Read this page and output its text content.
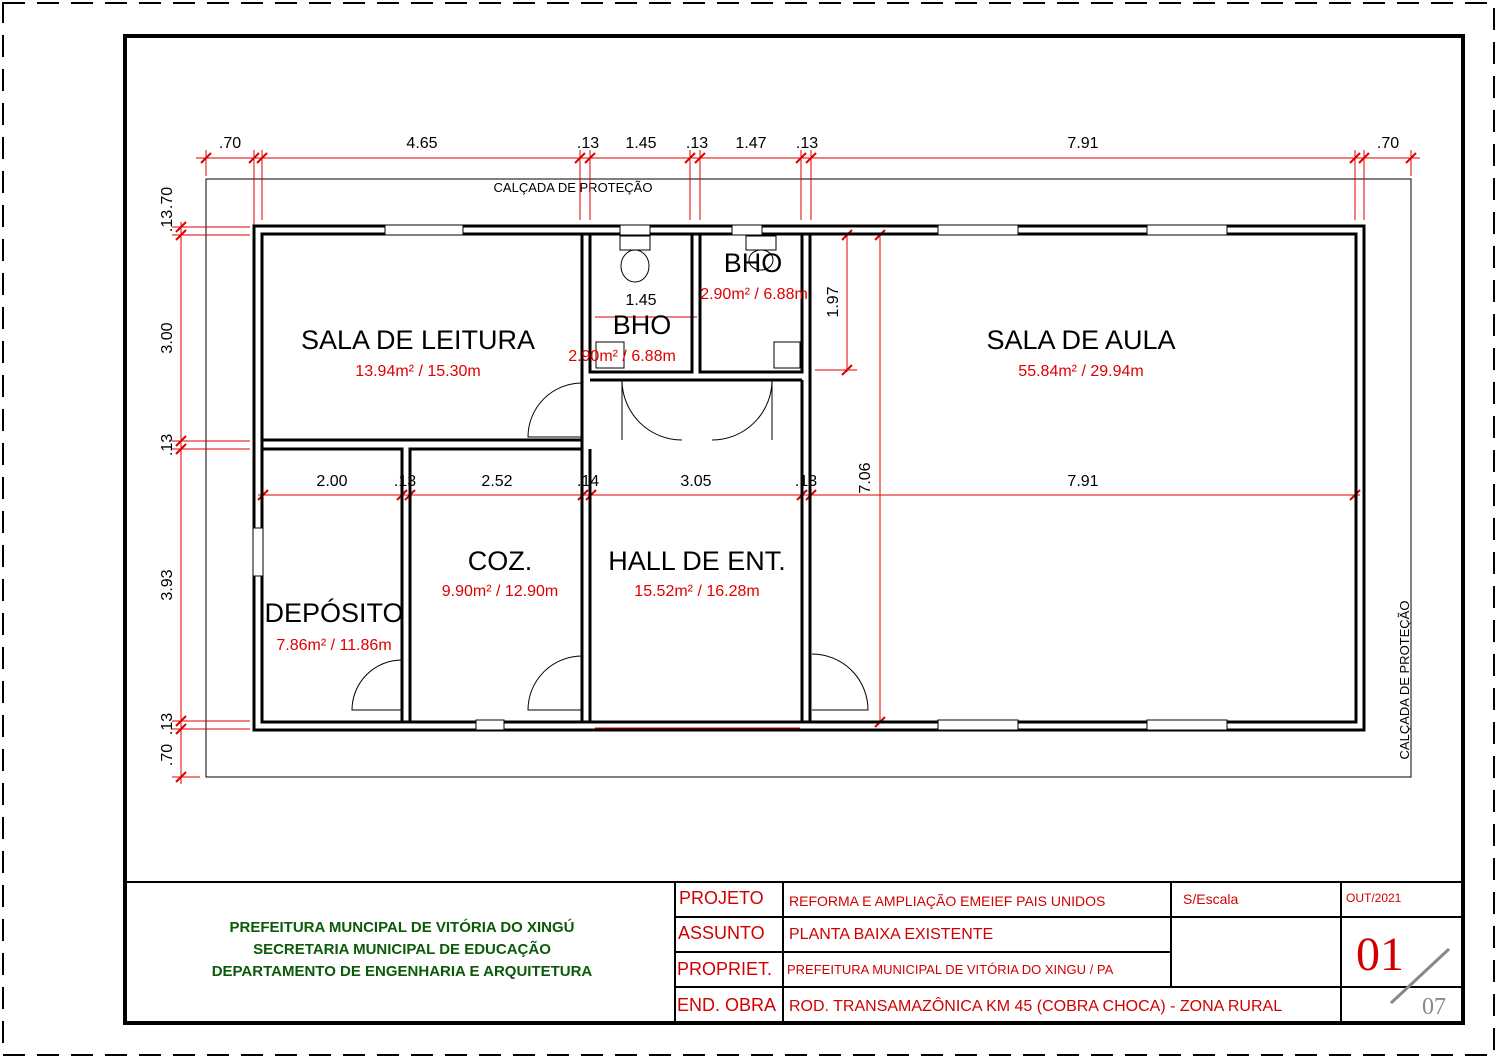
CALÇADA DE PROTEÇÃO
CALÇADA DE PROTEÇÃO
.70	4.65	.13 1.45 .13 1.47 .13	7.91	.70
.13
.70
3.00
.13
3.93
.70
.13
2.00	.13	2.52	.14	3.05	.13	7.91
1.97
7.06
1.45
SALA DE LEITURA
13.94m² / 15.30m
BHO
2.90m² / 6.88m
BHO
2.90m² / 6.88m
SALA DE AULA
55.84m² / 29.94m
DEPÓSITO
7.86m² / 11.86m
COZ.
9.90m² / 12.90m
HALL DE ENT.
15.52m² / 16.28m
PREFEITURA MUNCIPAL DE VITÓRIA DO XINGÚ
SECRETARIA MUNICIPAL DE EDUCAÇÃO
DEPARTAMENTO DE ENGENHARIA E ARQUITETURA
PROJETO REFORMA E AMPLIAÇÃO EMEIEF PAIS UNIDOS
ASSUNTO PLANTA BAIXA EXISTENTE
PROPRIET. PREFEITURA MUNICIPAL DE VITÓRIA DO XINGU / PA
END. OBRA ROD. TRANSAMAZÔNICA KM 45 (COBRA CHOCA) - ZONA RURAL
S/Escala	OUT/2021
01
07
